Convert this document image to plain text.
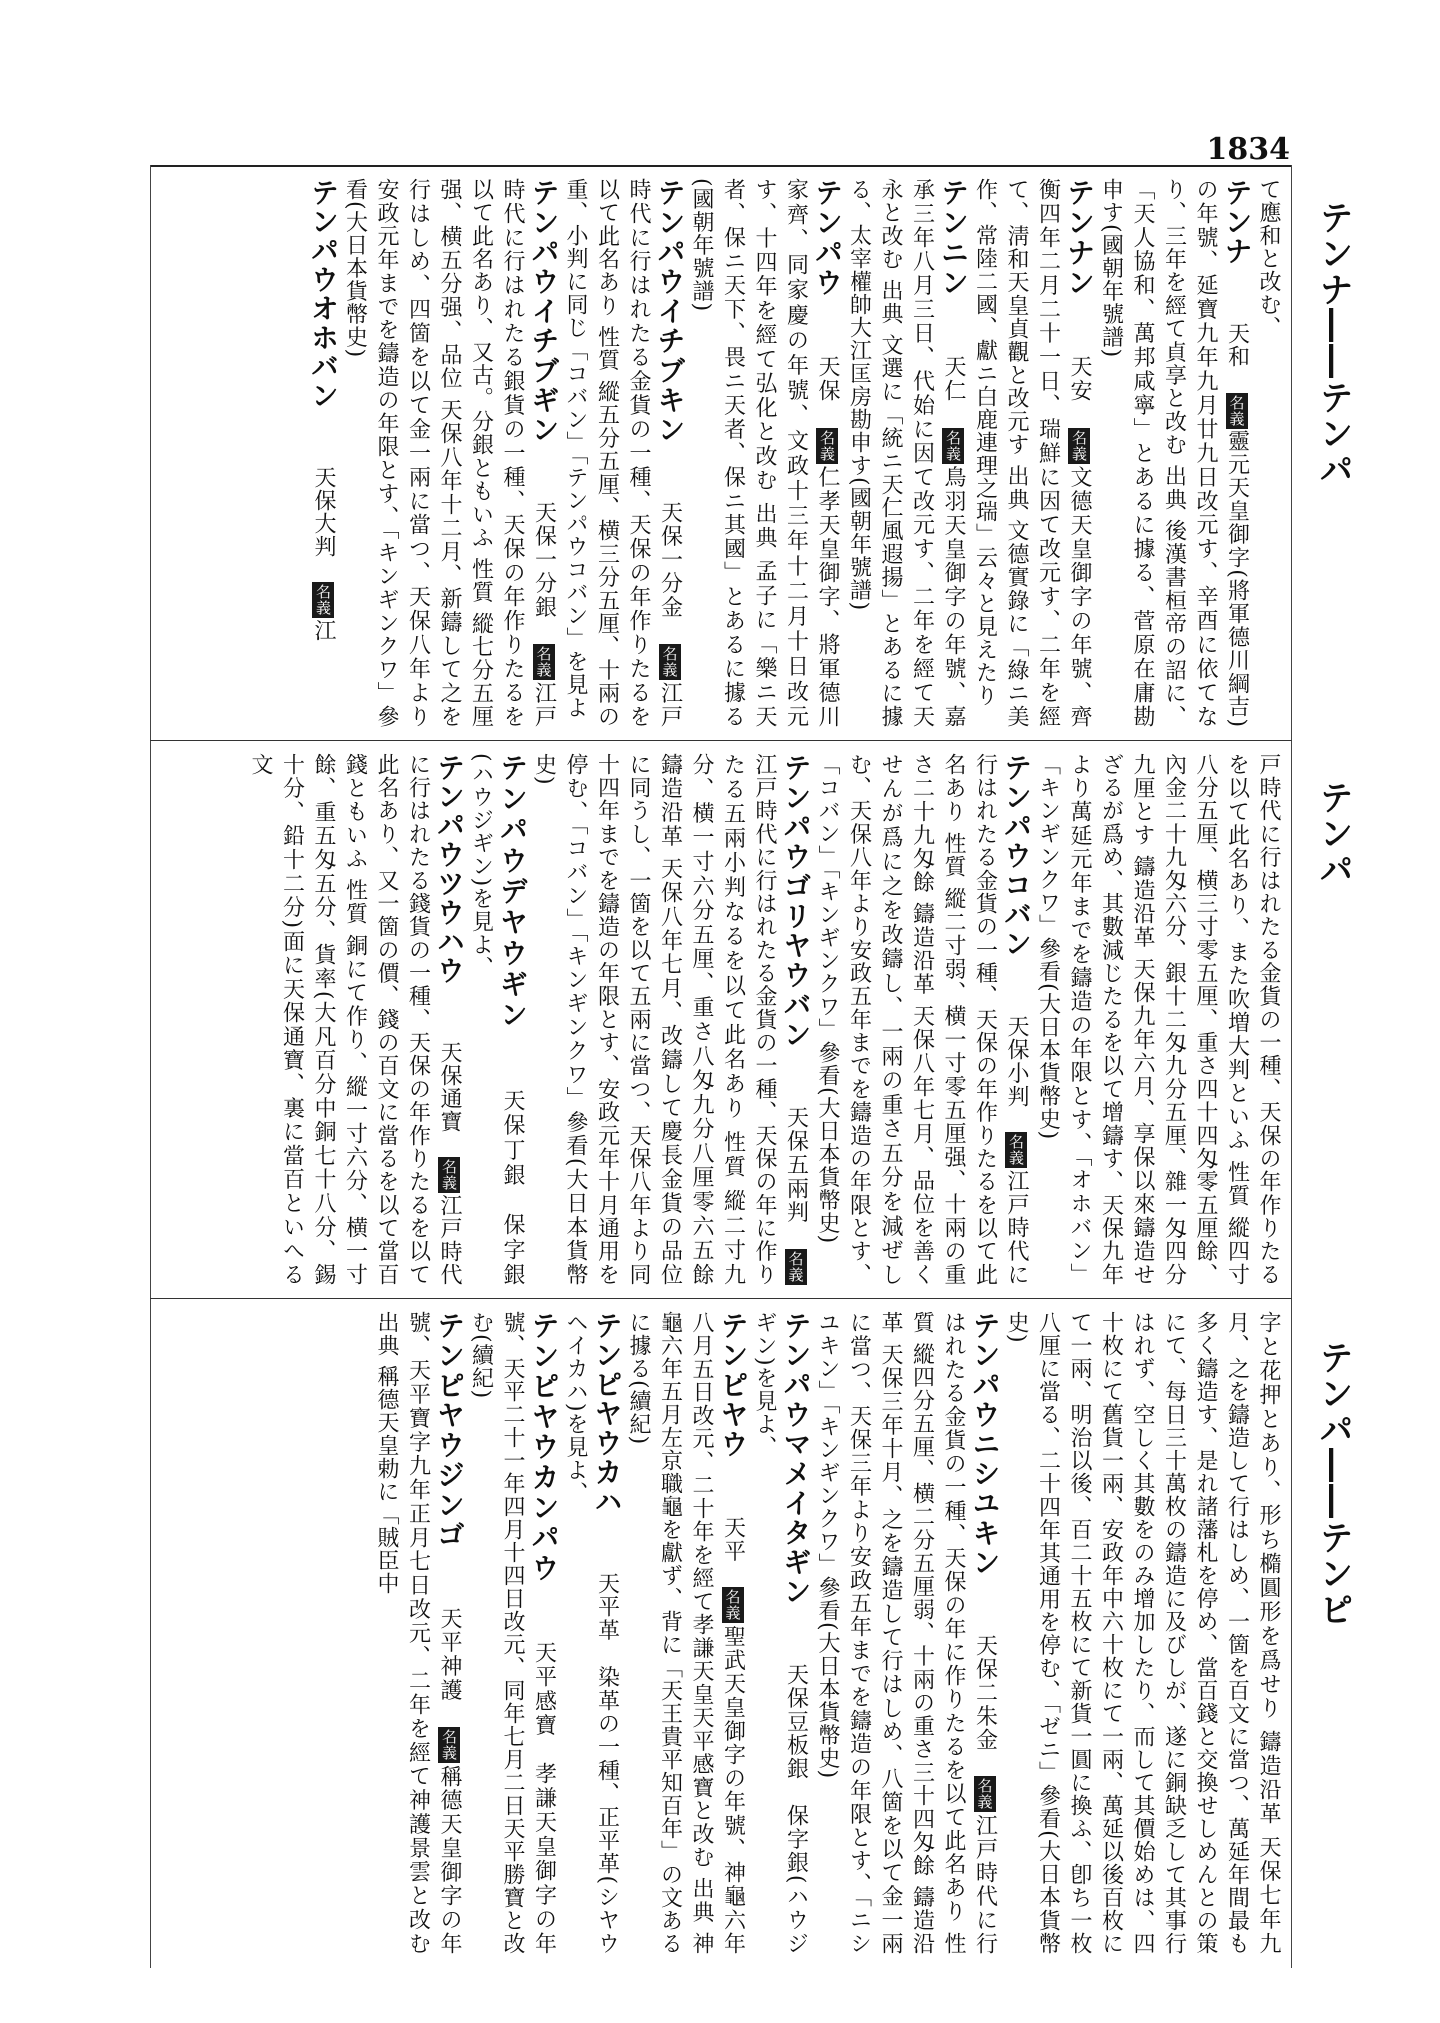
1834
テンナ――テンパ
テンパ
テンパ――テンピ
て應和と改む、
テンナ　天和　名義靈元天皇御字(將軍德川綱吉)の年號、延寶九年九月廿九日改元す、辛酉に依てなり、三年を經て貞享と改む 出典 後漢書桓帝の詔に、「天人協和、萬邦咸寧」とあるに據る、菅原在庸勘申す(國朝年號譜)
テンナン　天安　名義文德天皇御字の年號、齊衡四年二月二十一日、瑞鮮に因て改元す、二年を經て、淸和天皇貞觀と改元す 出典 文德實錄に「綠ニ美作、常陸二國、獻ニ白鹿連理之瑞」云々と見えたり
テンニン　天仁　名義鳥羽天皇御字の年號、嘉承三年八月三日、代始に因て改元す、二年を經て天永と改む 出典 文選に「統ニ天仁風遐揚」とあるに據る、太宰權帥大江匡房勘申す(國朝年號譜)
テンパウ　天保　名義仁孝天皇御字、將軍德川家齊、同家慶の年號、文政十三年十二月十日改元す、十四年を經て弘化と改む 出典 孟子に「樂ニ天者、保ニ天下、畏ニ天者、保ニ其國」とあるに據る(國朝年號譜)
テンパウイチブキン　天保一分金　名義江戸時代に行はれたる金貨の一種、天保の年作りたるを以て此名あり 性質 縱五分五厘、横三分五厘、十兩の重、小判に同じ「コバン」「テンパウコバン」を見よ
テンパウイチブギン　天保一分銀　名義江戸時代に行はれたる銀貨の一種、天保の年作りたるを以て此名あり、又古。分銀ともいふ 性質 縱七分五厘强、横五分强、品位 天保八年十二月、新鑄して之を行はしめ、四箇を以て金一兩に當つ、天保八年より安政元年までを鑄造の年限とす、「キンギンクワ」參看(大日本貨幣史)
テンパウオホバン　天保大判　名義江
戸時代に行はれたる金貨の一種、天保の年作りたるを以て此名あり、また吹増大判といふ 性質 縱四寸八分五厘、横三寸零五厘、重さ四十四匁零五厘餘、內金二十九匁六分、銀十二匁九分五厘、雜一匁四分九厘とす 鑄造沿革 天保九年六月、享保以來鑄造せざるが爲め、其數減じたるを以て增鑄す、天保九年より萬延元年までを鑄造の年限とす、「オホバン」「キンギンクワ」參看(大日本貨幣史)
テンパウコバン　天保小判　名義江戸時代に行はれたる金貨の一種、天保の年作りたるを以て此名あり 性質 縱二寸弱、横一寸零五厘强、十兩の重さ二十九匁餘 鑄造沿革 天保八年七月、品位を善くせんが爲に之を改鑄し、一兩の重さ五分を減ぜしむ、天保八年より安政五年までを鑄造の年限とす、「コバン」「キンギンクワ」參看(大日本貨幣史)
テンパウゴリヤウバン　天保五兩判　名義江戸時代に行はれたる金貨の一種、天保の年に作りたる五兩小判なるを以て此名あり 性質 縱二寸九分、横一寸六分五厘、重さ八匁九分八厘零六五餘 鑄造沿革 天保八年七月、改鑄して慶長金貨の品位に同うし、一箇を以て五兩に當つ、天保八年より同十四年までを鑄造の年限とす、安政元年十月通用を停む、「コバン」「キンギンクワ」參看(大日本貨幣史)
テンパウデヤウギン　天保丁銀　保字銀(ハウジギン)を見よ、
テンパウツウハウ　天保通寶　名義江戸時代に行はれたる錢貨の一種、天保の年作りたるを以て此名あり、又一箇の價、錢の百文に當るを以て當百錢ともいふ 性質 銅にて作り、縱一寸六分、横一寸餘、重五匁五分、貨率(大凡百分中銅七十八分、錫十分、鉛十二分)面に天保通寶、裏に當百といへる文
字と花押とあり、形ち橢圓形を爲せり 鑄造沿革 天保七年九月、之を鑄造して行はしめ、一箇を百文に當つ、萬延年間最も多く鑄造す、是れ諸藩札を停め、當百錢と交換せしめんとの策にて、每日三十萬枚の鑄造に及びしが、遂に銅缺乏して其事行はれず、空しく其數をのみ增加したり、而して其價始めは、四十枚にて舊貨一兩、安政年中六十枚にて一兩、萬延以後百枚にて一兩、明治以後、百二十五枚にて新貨一圓に換ふ、卽ち一枚八厘に當る、二十四年其通用を停む、「ゼニ」參看(大日本貨幣史)
テンパウニシユキン　天保二朱金　名義江戸時代に行はれたる金貨の一種、天保の年に作りたるを以て此名あり 性質 縱四分五厘、横二分五厘弱、十兩の重さ三十四匁餘 鑄造沿革 天保三年十月、之を鑄造して行はしめ、八箇を以て金一兩に當つ、天保三年より安政五年までを鑄造の年限とす、「ニシユキン」「キンギンクワ」參看(大日本貨幣史)
テンパウマメイタギン　天保豆板銀　保字銀(ハウジギン)を見よ、
テンピヤウ　天平　名義聖武天皇御字の年號、神龜六年八月五日改元、二十年を經て孝謙天皇天平感寶と改む 出典 神龜六年五月左京職龜を獻ず、背に「天王貴平知百年」の文あるに據る(續紀)
テンピヤウカハ　天平革　染革の一種、正平革(シヤウヘイカハ)を見よ、
テンピヤウカンパウ　天平感寶　孝謙天皇御字の年號、天平二十一年四月十四日改元、同年七月二日天平勝寶と改む(續紀)
テンピヤウジンゴ　天平神護　名義稱德天皇御字の年號、天平寶字九年正月七日改元、二年を經て神護景雲と改む 出典 稱德天皇勅に「賊臣中
